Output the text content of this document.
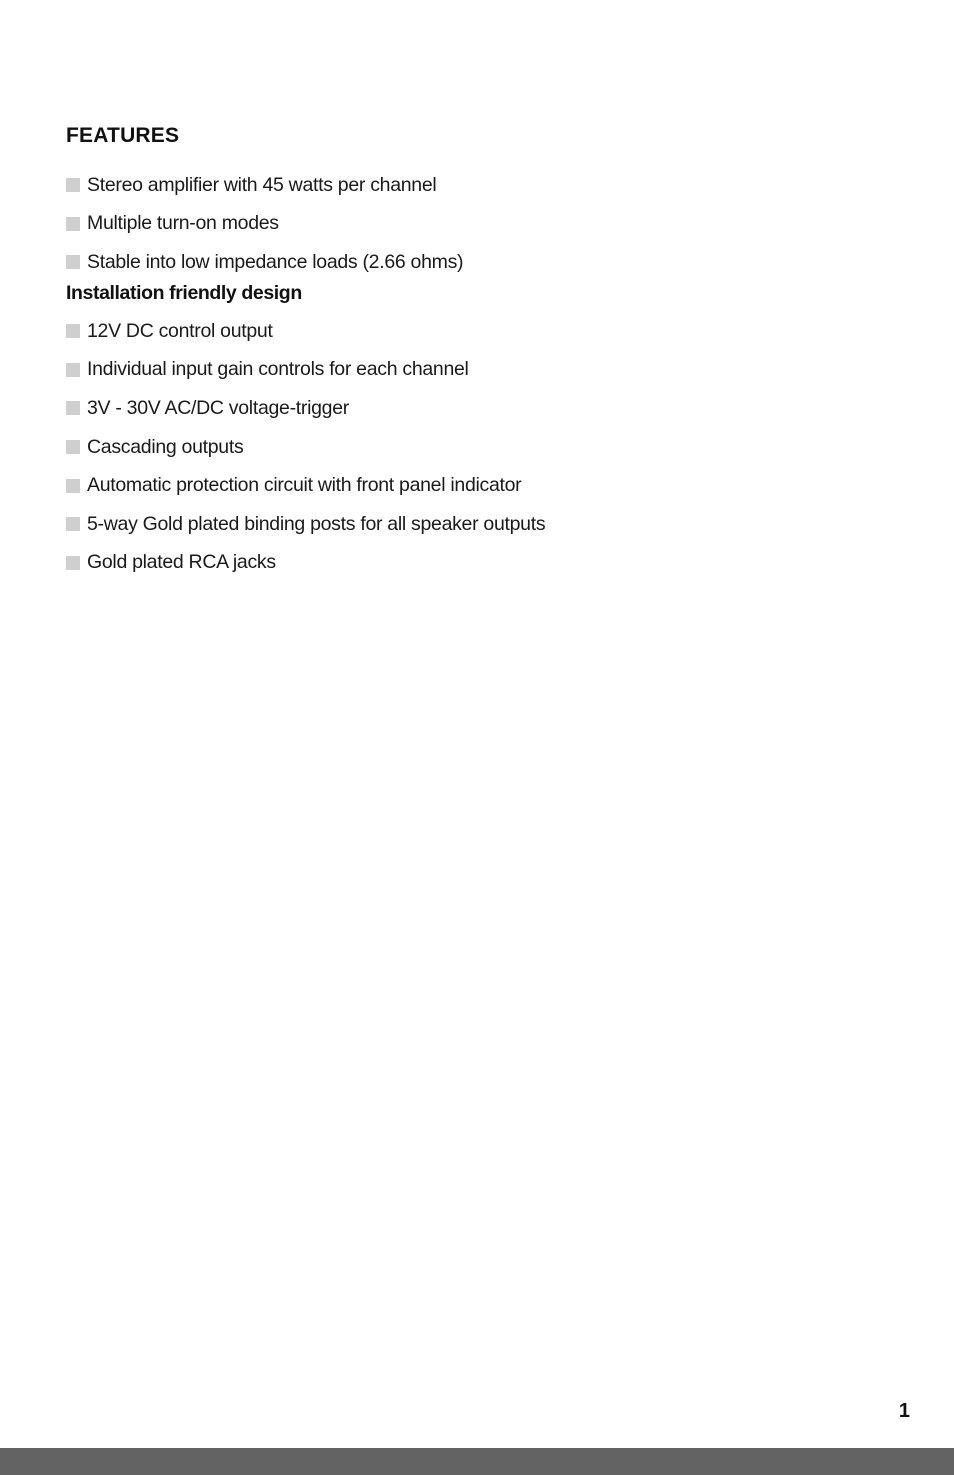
FEATURES
Stereo amplifier with 45 watts per channel
Multiple turn-on modes
Stable into low impedance loads (2.66 ohms)
Installation friendly design
12V DC control output
Individual input gain controls for each channel
3V - 30V AC/DC voltage-trigger
Cascading outputs
Automatic protection circuit with front panel indicator
5-way Gold plated binding posts for all speaker outputs
Gold plated RCA jacks
1
